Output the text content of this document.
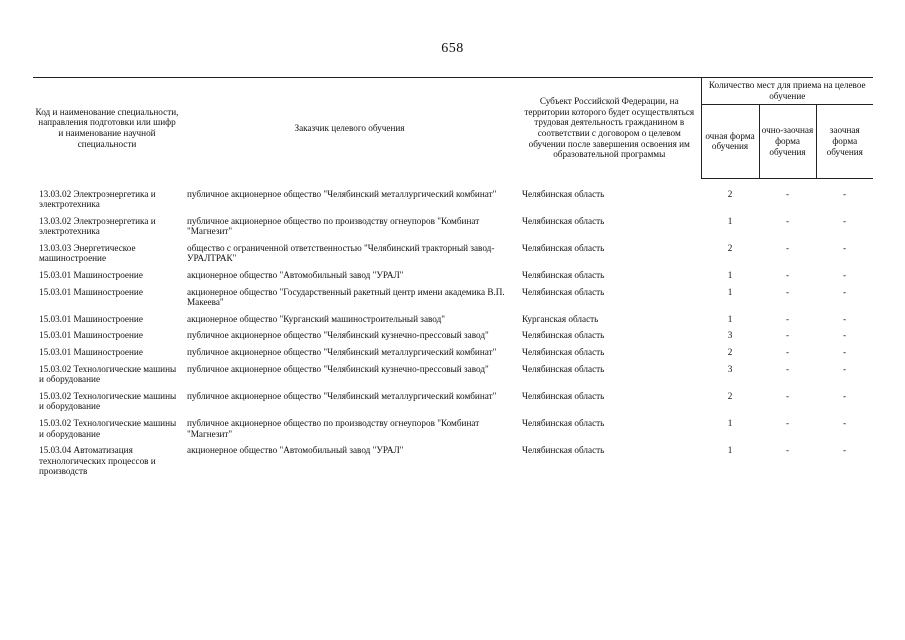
658
Код и наименование специальности, направления подготовки или шифр и наименование научной специальности	Заказчик целевого обучения	Субъект Российской Федерации, на территории которого будет осуществляться трудовая деятельность гражданином в соответствии с договором о целевом обучении после завершения освоения им образовательной программы	Количество мест для приема на целевое обучение		
			очная форма обучения	очно-заочная форма обучения	заочная форма обучения

13.03.02 Электроэнергетика и электротехника	публичное акционерное общество "Челябинский металлургический комбинат"	Челябинская область	2	-	-
13.03.02 Электроэнергетика и электротехника	публичное акционерное общество по производству огнеупоров "Комбинат "Магнезит"	Челябинская область	1	-	-
13.03.03 Энергетическое машиностроение	общество с ограниченной ответственностью "Челябинский тракторный завод-УРАЛТРАК"	Челябинская область	2	-	-
15.03.01 Машиностроение	акционерное общество "Автомобильный завод "УРАЛ"	Челябинская область	1	-	-
15.03.01 Машиностроение	акционерное общество "Государственный ракетный центр имени академика В.П. Макеева"	Челябинская область	1	-	-
15.03.01 Машиностроение	акционерное общество "Курганский машиностроительный завод"	Курганская область	1	-	-
15.03.01 Машиностроение	публичное акционерное общество "Челябинский кузнечно-прессовый завод"	Челябинская область	3	-	-
15.03.01 Машиностроение	публичное акционерное общество "Челябинский металлургический комбинат"	Челябинская область	2	-	-
15.03.02 Технологические машины и оборудование	публичное акционерное общество "Челябинский кузнечно-прессовый завод"	Челябинская область	3	-	-
15.03.02 Технологические машины и оборудование	публичное акционерное общество "Челябинский металлургический комбинат"	Челябинская область	2	-	-
15.03.02 Технологические машины и оборудование	публичное акционерное общество по производству огнеупоров "Комбинат "Магнезит"	Челябинская область	1	-	-
15.03.04 Автоматизация технологических процессов и производств	акционерное общество "Автомобильный завод "УРАЛ"	Челябинская область	1	-	-
